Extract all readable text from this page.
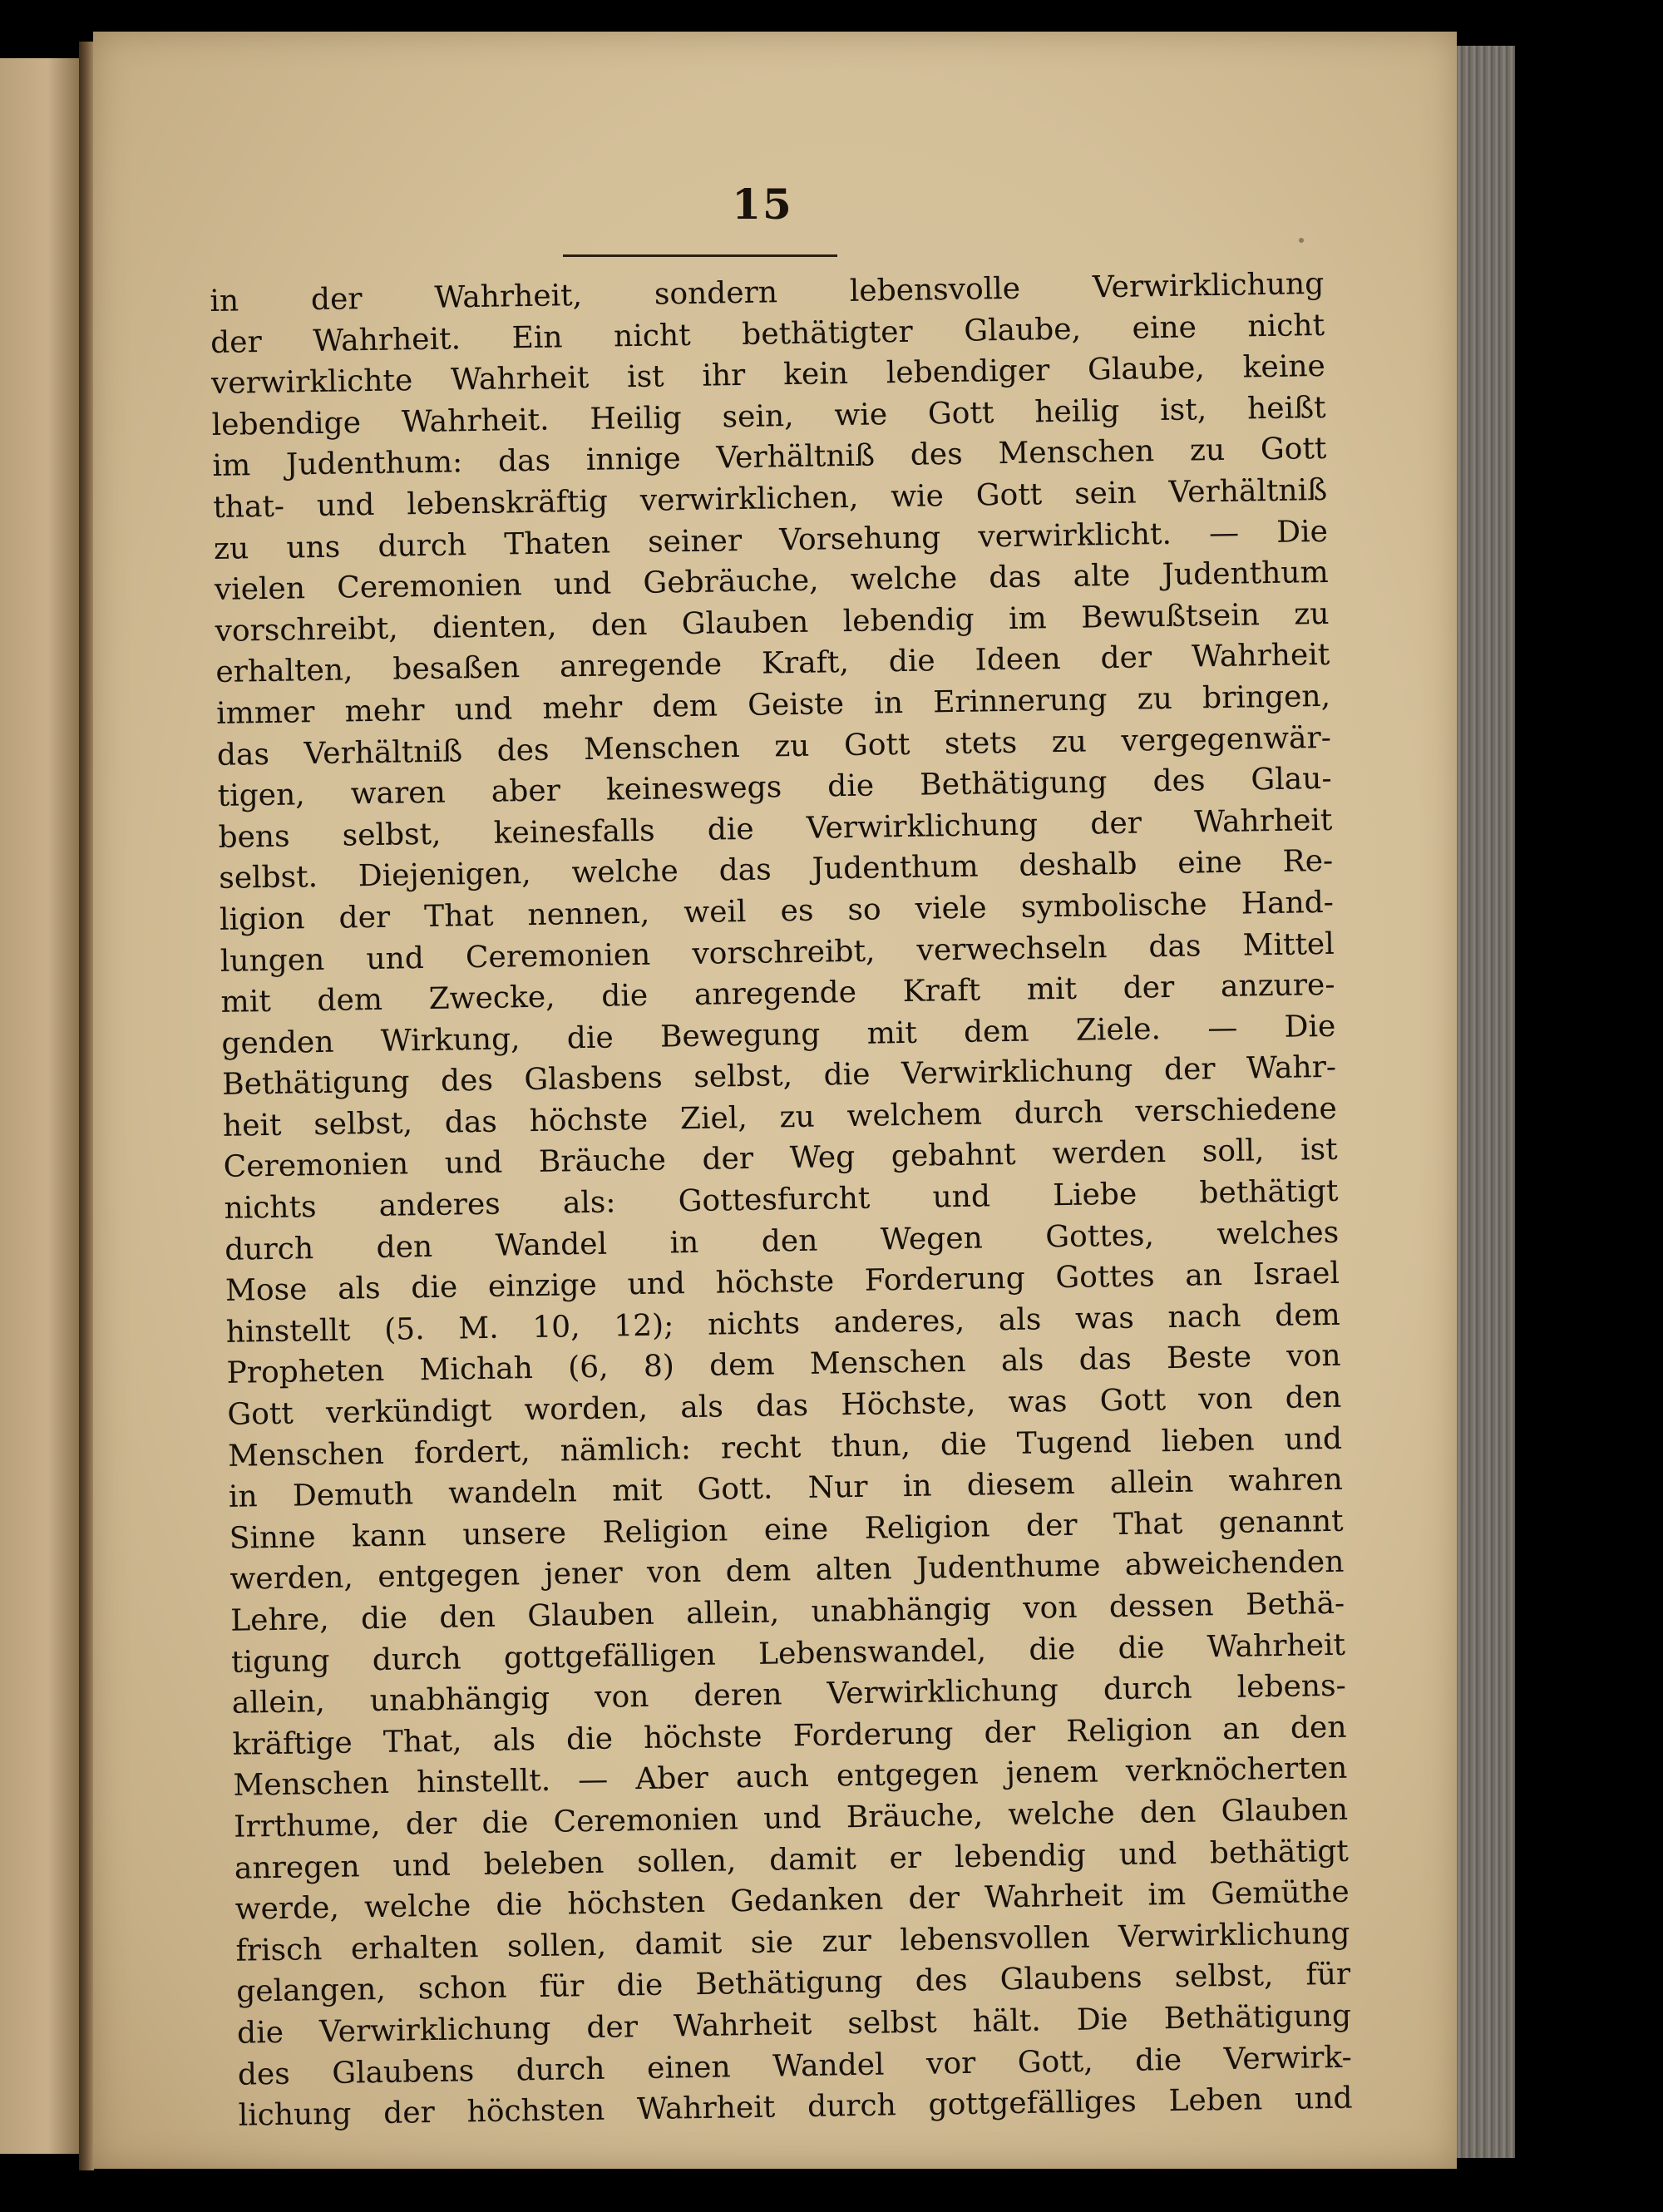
15
in der Wahrheit, sondern lebensvolle Verwirklichung
der Wahrheit. Ein nicht bethätigter Glaube, eine nicht
verwirklichte Wahrheit ist ihr kein lebendiger Glaube, keine
lebendige Wahrheit. Heilig sein, wie Gott heilig ist, heißt
im Judenthum: das innige Verhältniß des Menschen zu Gott
that- und lebenskräftig verwirklichen, wie Gott sein Verhältniß
zu uns durch Thaten seiner Vorsehung verwirklicht. — Die
vielen Ceremonien und Gebräuche, welche das alte Judenthum
vorschreibt, dienten, den Glauben lebendig im Bewußtsein zu
erhalten, besaßen anregende Kraft, die Ideen der Wahrheit
immer mehr und mehr dem Geiste in Erinnerung zu bringen,
das Verhältniß des Menschen zu Gott stets zu vergegenwär-
tigen, waren aber keineswegs die Bethätigung des Glau-
bens selbst, keinesfalls die Verwirklichung der Wahrheit
selbst. Diejenigen, welche das Judenthum deshalb eine Re-
ligion der That nennen, weil es so viele symbolische Hand-
lungen und Ceremonien vorschreibt, verwechseln das Mittel
mit dem Zwecke, die anregende Kraft mit der anzure-
genden Wirkung, die Bewegung mit dem Ziele. — Die
Bethätigung des Glasbens selbst, die Verwirklichung der Wahr-
heit selbst, das höchste Ziel, zu welchem durch verschiedene
Ceremonien und Bräuche der Weg gebahnt werden soll, ist
nichts anderes als: Gottesfurcht und Liebe bethätigt
durch den Wandel in den Wegen Gottes, welches
Mose als die einzige und höchste Forderung Gottes an Israel
hinstellt (5. M. 10, 12); nichts anderes, als was nach dem
Propheten Michah (6, 8) dem Menschen als das Beste von
Gott verkündigt worden, als das Höchste, was Gott von den
Menschen fordert, nämlich: recht thun, die Tugend lieben und
in Demuth wandeln mit Gott. Nur in diesem allein wahren
Sinne kann unsere Religion eine Religion der That genannt
werden, entgegen jener von dem alten Judenthume abweichenden
Lehre, die den Glauben allein, unabhängig von dessen Bethä-
tigung durch gottgefälligen Lebenswandel, die die Wahrheit
allein, unabhängig von deren Verwirklichung durch lebens-
kräftige That, als die höchste Forderung der Religion an den
Menschen hinstellt. — Aber auch entgegen jenem verknöcherten
Irrthume, der die Ceremonien und Bräuche, welche den Glauben
anregen und beleben sollen, damit er lebendig und bethätigt
werde, welche die höchsten Gedanken der Wahrheit im Gemüthe
frisch erhalten sollen, damit sie zur lebensvollen Verwirklichung
gelangen, schon für die Bethätigung des Glaubens selbst, für
die Verwirklichung der Wahrheit selbst hält. Die Bethätigung
des Glaubens durch einen Wandel vor Gott, die Verwirk-
lichung der höchsten Wahrheit durch gottgefälliges Leben und
